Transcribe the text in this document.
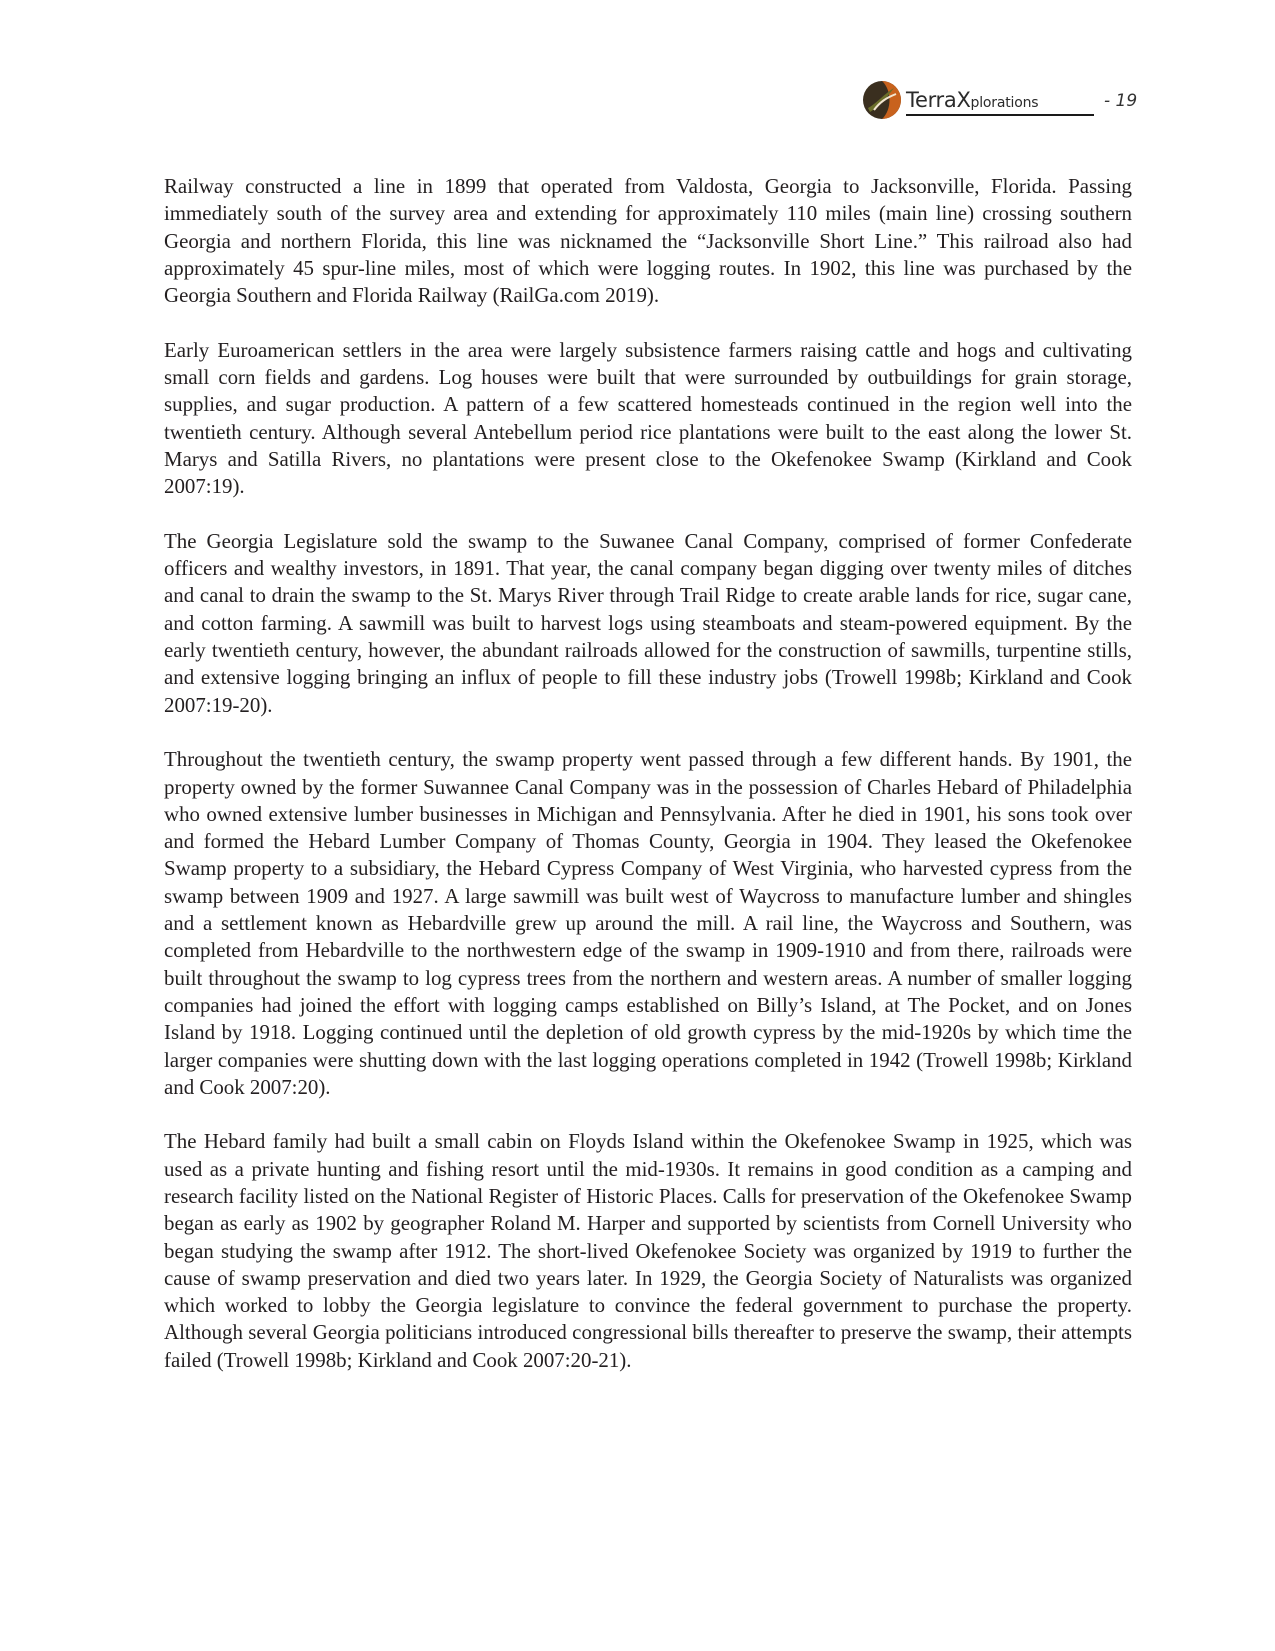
TerraXplorations	- 19

Railway constructed a line in 1899 that operated from Valdosta, Georgia to Jacksonville, Florida. Passing immediately south of the survey area and extending for approximately 110 miles (main line) crossing southern Georgia and northern Florida, this line was nicknamed the “Jacksonville Short Line.” This railroad also had approximately 45 spur-line miles, most of which were logging routes. In 1902, this line was purchased by the Georgia Southern and Florida Railway (RailGa.com 2019).

Early Euroamerican settlers in the area were largely subsistence farmers raising cattle and hogs and cultivating small corn fields and gardens. Log houses were built that were surrounded by outbuildings for grain storage, supplies, and sugar production. A pattern of a few scattered homesteads continued in the region well into the twentieth century. Although several Antebellum period rice plantations were built to the east along the lower St. Marys and Satilla Rivers, no plantations were present close to the Okefenokee Swamp (Kirkland and Cook 2007:19).

The Georgia Legislature sold the swamp to the Suwanee Canal Company, comprised of former Confederate officers and wealthy investors, in 1891. That year, the canal company began digging over twenty miles of ditches and canal to drain the swamp to the St. Marys River through Trail Ridge to create arable lands for rice, sugar cane, and cotton farming. A sawmill was built to harvest logs using steamboats and steam-powered equipment. By the early twentieth century, however, the abundant railroads allowed for the construction of sawmills, turpentine stills, and extensive logging bringing an influx of people to fill these industry jobs (Trowell 1998b; Kirkland and Cook 2007:19-20).

Throughout the twentieth century, the swamp property went passed through a few different hands. By 1901, the property owned by the former Suwannee Canal Company was in the possession of Charles Hebard of Philadelphia who owned extensive lumber businesses in Michigan and Pennsylvania. After he died in 1901, his sons took over and formed the Hebard Lumber Company of Thomas County, Georgia in 1904. They leased the Okefenokee Swamp property to a subsidiary, the Hebard Cypress Company of West Virginia, who harvested cypress from the swamp between 1909 and 1927. A large sawmill was built west of Waycross to manufacture lumber and shingles and a settlement known as Hebardville grew up around the mill. A rail line, the Waycross and Southern, was completed from Hebardville to the northwestern edge of the swamp in 1909-1910 and from there, railroads were built throughout the swamp to log cypress trees from the northern and western areas. A number of smaller logging companies had joined the effort with logging camps established on Billy’s Island, at The Pocket, and on Jones Island by 1918. Logging continued until the depletion of old growth cypress by the mid-1920s by which time the larger companies were shutting down with the last logging operations completed in 1942 (Trowell 1998b; Kirkland and Cook 2007:20).

The Hebard family had built a small cabin on Floyds Island within the Okefenokee Swamp in 1925, which was used as a private hunting and fishing resort until the mid-1930s. It remains in good condition as a camping and research facility listed on the National Register of Historic Places. Calls for preservation of the Okefenokee Swamp began as early as 1902 by geographer Roland M. Harper and supported by scientists from Cornell University who began studying the swamp after 1912. The short-lived Okefenokee Society was organized by 1919 to further the cause of swamp preservation and died two years later. In 1929, the Georgia Society of Naturalists was organized which worked to lobby the Georgia legislature to convince the federal government to purchase the property. Although several Georgia politicians introduced congressional bills thereafter to preserve the swamp, their attempts failed (Trowell 1998b; Kirkland and Cook 2007:20-21).
